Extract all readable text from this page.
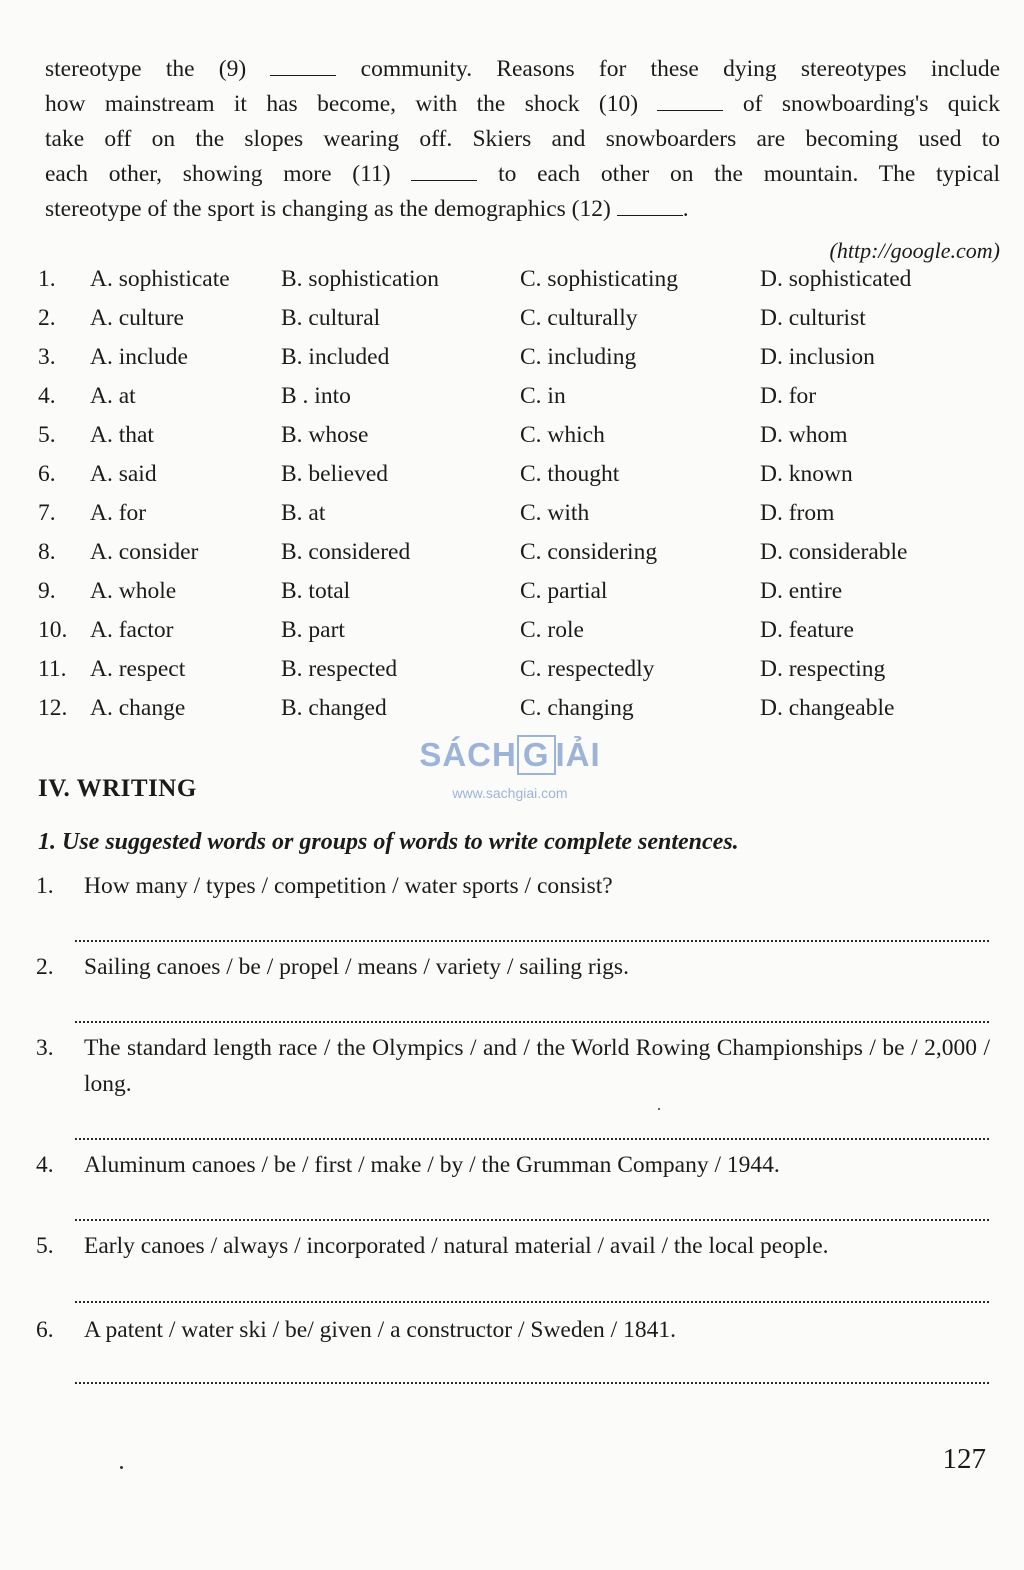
stereotype the (9)	community. Reasons for these dying stereotypes include
how mainstream it has become, with the shock (10)	of snowboarding's quick
take off on the slopes wearing off. Skiers and snowboarders are becoming used to
each other, showing more (11)	to each other on the mountain. The typical
stereotype of the sport is changing as the demographics (12)	.
(http://google.com)
1. A. sophisticate B. sophistication	C. sophisticating	D. sophisticated
2. A. culture	B. cultural	C. culturally	D. culturist
3. A. include	B. included	C. including	D. inclusion
4. A. at	B . into	C. in	D. for
5. A. that	B. whose	C. which	D. whom
6. A. said	B. believed	C. thought	D. known
7. A. for	B. at	C. with	D. from
8. A. consider	B. considered	C. considering	D. considerable
9. A. whole	B. total	C. partial	D. entire
10. A. factor	B. part	C. role	D. feature
11. A. respect	B. respected	C. respectedly	D. respecting
12. A. change	B. changed	C. changing	D. changeable
SÁCH G IẢI
www.sachgiai.com
IV. WRITING
1. Use suggested words or groups of words to write complete sentences.
1. How many / types / competition / water sports / consist?
2. Sailing canoes / be / propel / means / variety / sailing rigs.
3. The standard length race / the Olympics / and / the World Rowing Championships / be / 2,000 / long.
4. Aluminum canoes / be / first / make / by / the Grumman Company / 1944.
5. Early canoes / always / incorporated / natural material / avail / the local people.
6. A patent / water ski / be/ given / a constructor / Sweden / 1841.
127
